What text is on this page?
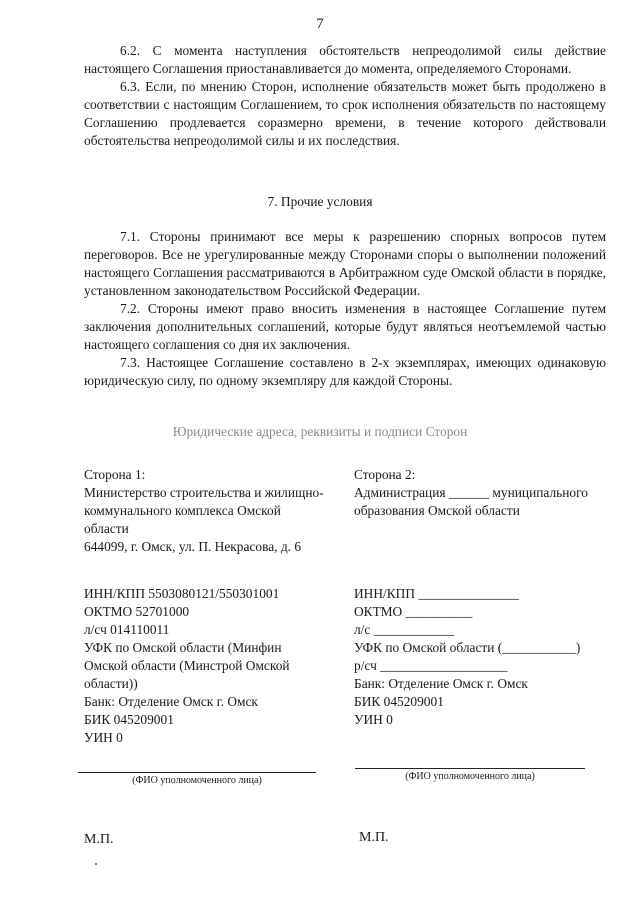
7

6.2. С момента наступления обстоятельств непреодолимой силы действие настоящего Соглашения приостанавливается до момента, определяемого Сторонами.

6.3. Если, по мнению Сторон, исполнение обязательств может быть продолжено в соответствии с настоящим Соглашением, то срок исполнения обязательств по настоящему Соглашению продлевается соразмерно времени, в течение которого действовали обстоятельства непреодолимой силы и их последствия.

7. Прочие условия

7.1. Стороны принимают все меры к разрешению спорных вопросов путем переговоров. Все не урегулированные между Сторонами споры о выполнении положений настоящего Соглашения рассматриваются в Арбитражном суде Омской области в порядке, установленном законодательством Российской Федерации.

7.2. Стороны имеют право вносить изменения в настоящее Соглашение путем заключения дополнительных соглашений, которые будут являться неотъемлемой частью настоящего соглашения со дня их заключения.

7.3. Настоящее Соглашение составлено в 2-х экземплярах, имеющих одинаковую юридическую силу, по одному экземпляру для каждой Стороны.

Юридические адреса, реквизиты и подписи Сторон
Сторона 1:
Министерство строительства и жилищно-
коммунального комплекса Омской
области
644099, г. Омск, ул. П. Некрасова, д. 6
ИНН/КПП 5503080121/550301001
ОКТМО 52701000
л/сч 014110011
УФК по Омской области (Минфин
Омской области (Минстрой Омской
области))
Банк: Отделение Омск г. Омск
БИК 045209001
УИН 0
Сторона 2:
Администрация ______ муниципального
образования Омской области
ИНН/КПП _______________
ОКТМО __________
л/с ____________
УФК по Омской области (___________)
р/сч ___________________
Банк: Отделение Омск г. Омск
БИК 045209001
УИН 0
(ФИО уполномоченного лица)	(ФИО уполномоченного лица)
М.П.	М.П.
